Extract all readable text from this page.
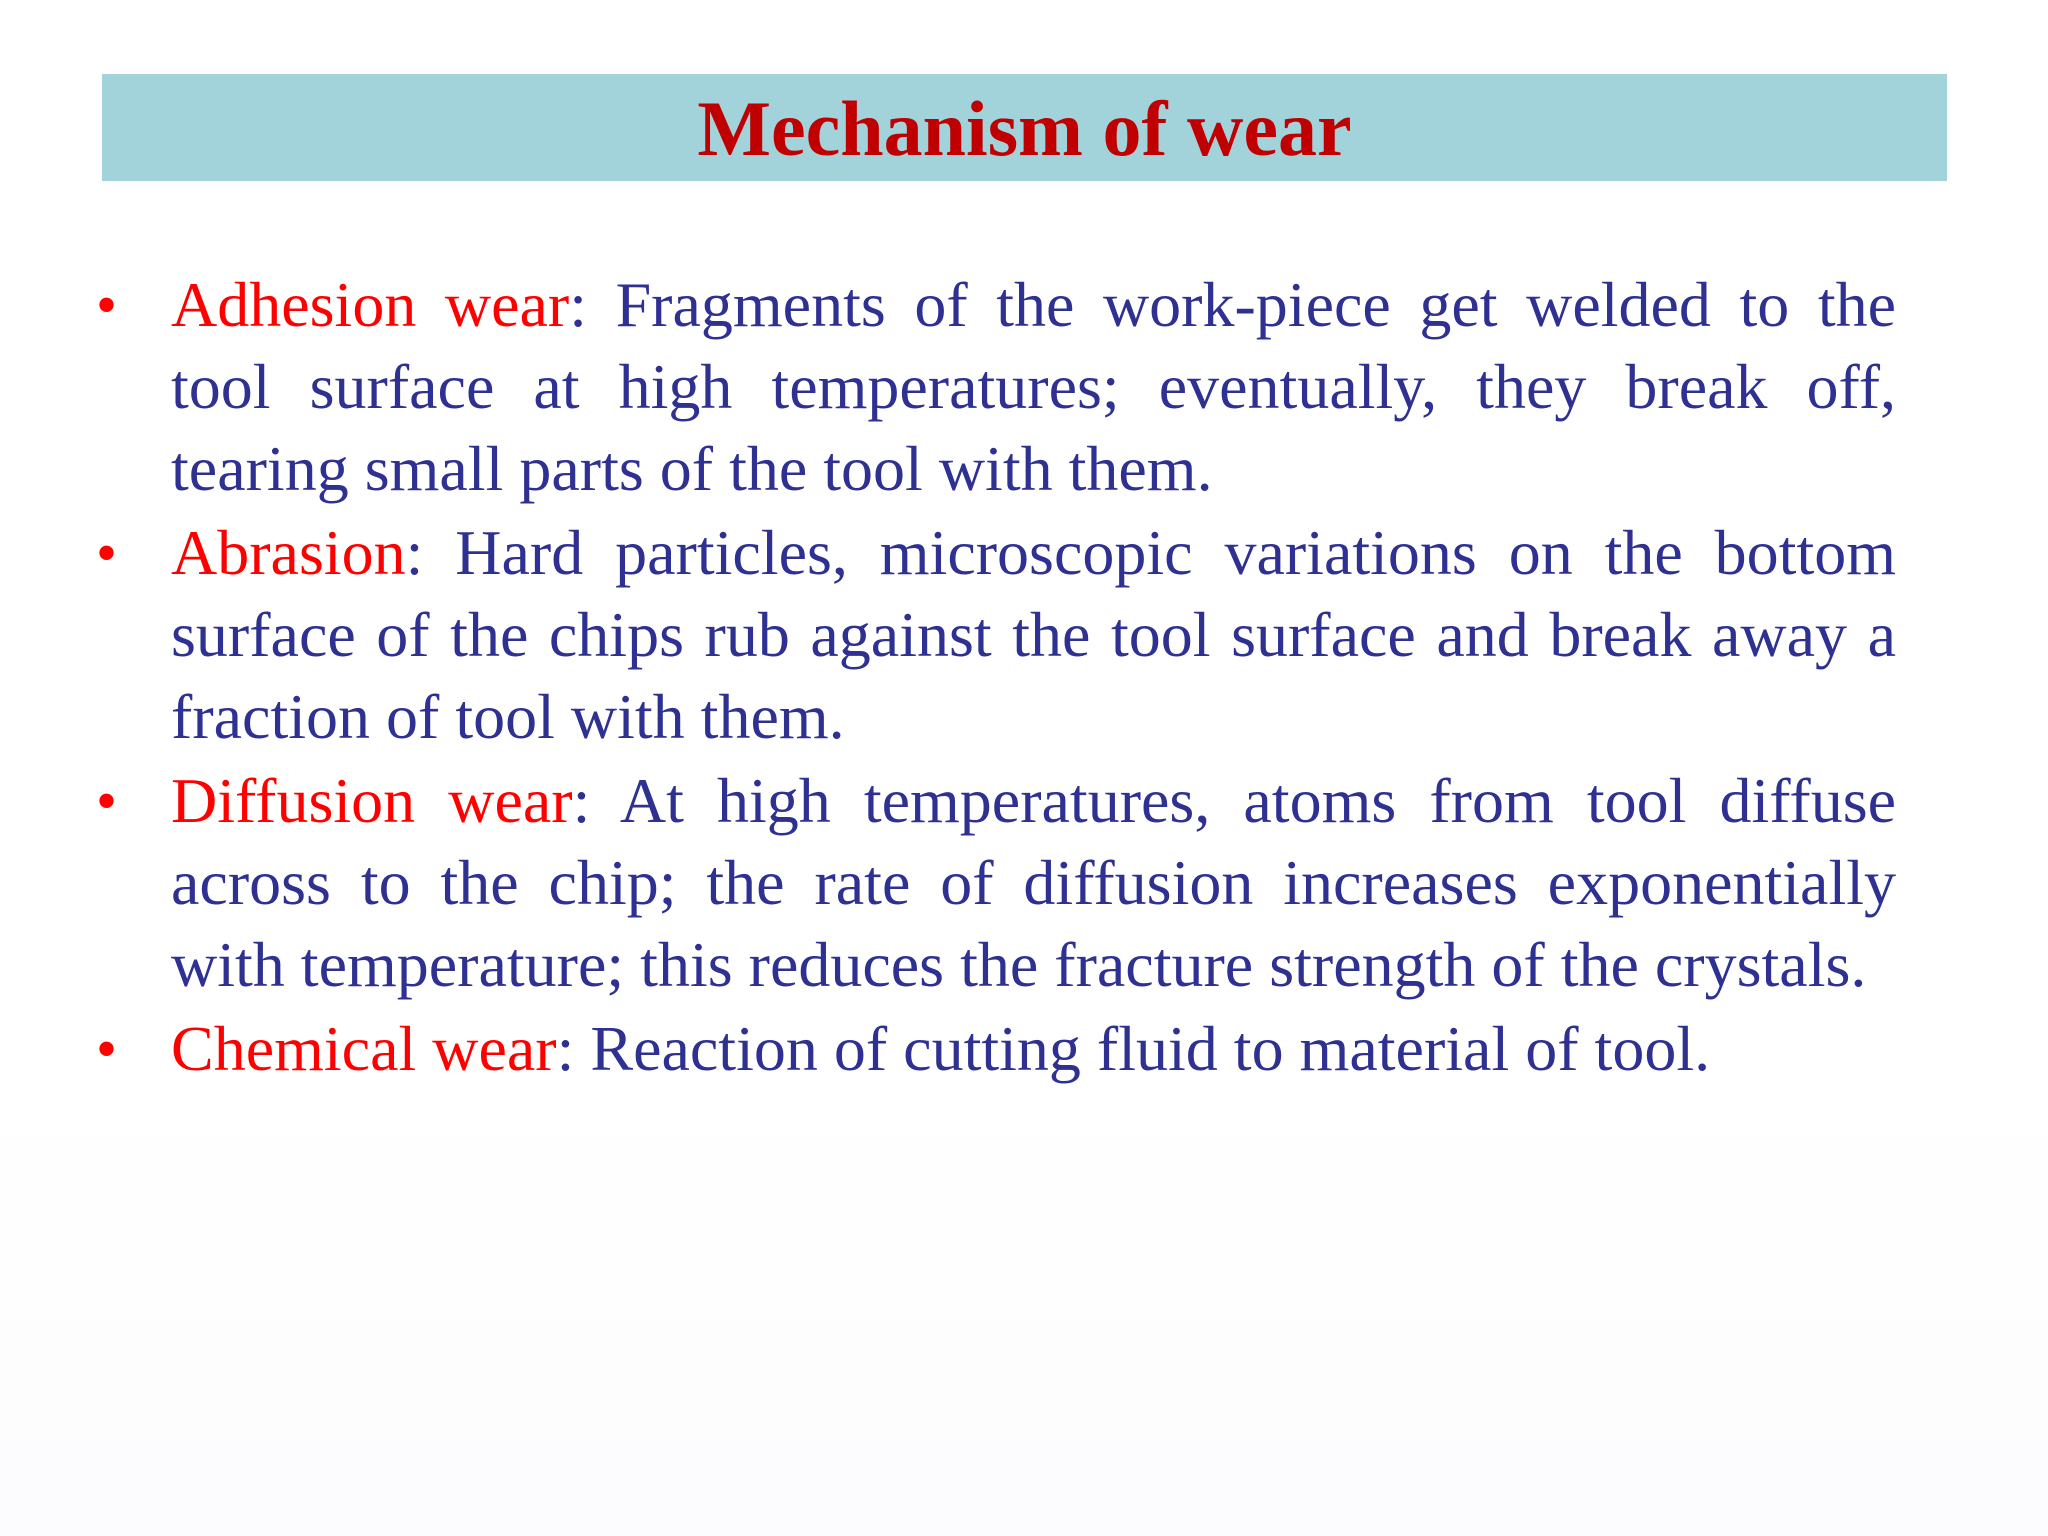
Mechanism of wear
• Adhesion wear: Fragments of the work-piece get welded to the tool surface at high temperatures; eventually, they break off, tearing small parts of the tool with them.
• Abrasion: Hard particles, microscopic variations on the bottom surface of the chips rub against the tool surface and break away a fraction of tool with them.
• Diffusion wear: At high temperatures, atoms from tool diffuse across to the chip; the rate of diffusion increases exponentially with temperature; this reduces the fracture strength of the crystals.
• Chemical wear: Reaction of cutting fluid to material of tool.
